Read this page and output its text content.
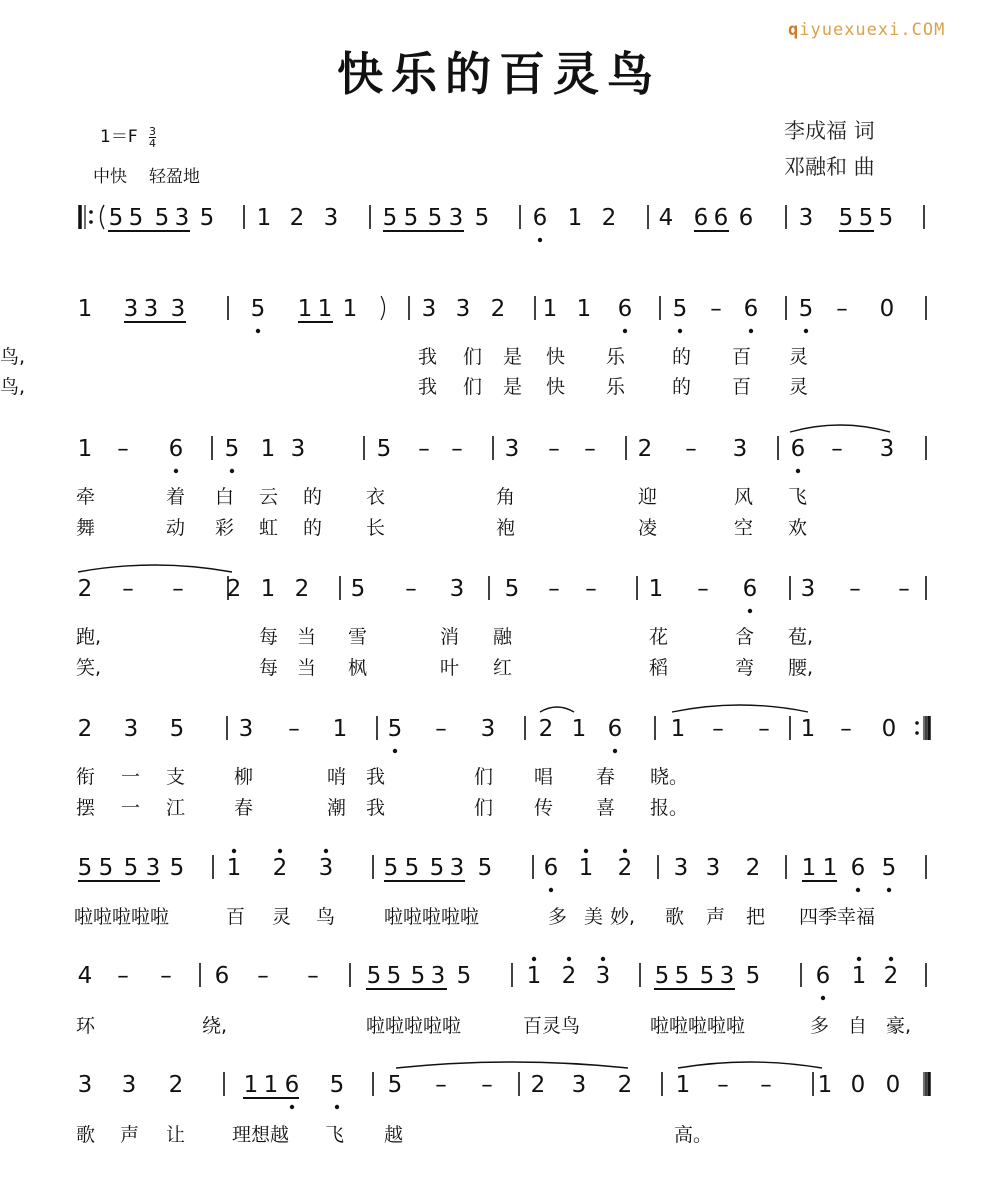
qiyuexuexi.COM
快乐的百灵鸟
$1=F \frac{3}{4}$
中快 轻盈地
李成福 词
邓融和 曲
5 5 5 3 5 1 2 3 5 5 5 3 5 6 1 2 4 6 6 6 3 5 5 5
1 3 3 3	5 1 1 1	3 3 2 1 1 6 5 – 6 5 – 0
1 – 6 5 1 3	5 – – 3 – – 2 – 3 6 – 3
2 – – 2 1 2 5 – 3 5 – – 1 – 6 3 – –
2 3 5 3 – 1 5 – 3 2 1 6 1 – – 1 – 0
5 5 5 3 5 1 2 3 5 5 5 3 5 6 1 2 3 3 2 1 1 6 5
4 – – 6 – – 5 5 5 3 5 1 2 3 5 5 5 3 5 6 1 2
3 3 2	1 1 6 5 5 – – 2 3 2 1 – – 1 0 0
我 们 是 快 乐 的 百 灵
鸟,
我 们 是 快 乐 的 百 灵
鸟,
牵	着 白 云 的 衣	角	迎	风 飞
舞	动 彩 虹 的 长	袍	凌	空 欢
跑,	每 当 雪	消 融	花	含 苞,
笑,	每 当 枫	叶 红	稻	弯 腰,
衔 一 支	柳	哨 我	们 唱 春 晓。
摆 一 江	春	潮 我	们 传 喜 报。
啦啦啦啦啦	百 灵 鸟	啦啦啦啦啦	多 美 妙, 歌 声 把 四季幸福
环	绕,	啦啦啦啦啦	百灵鸟	啦啦啦啦啦	多 自 豪,
歌 声 让 理想越 飞 越	高。
